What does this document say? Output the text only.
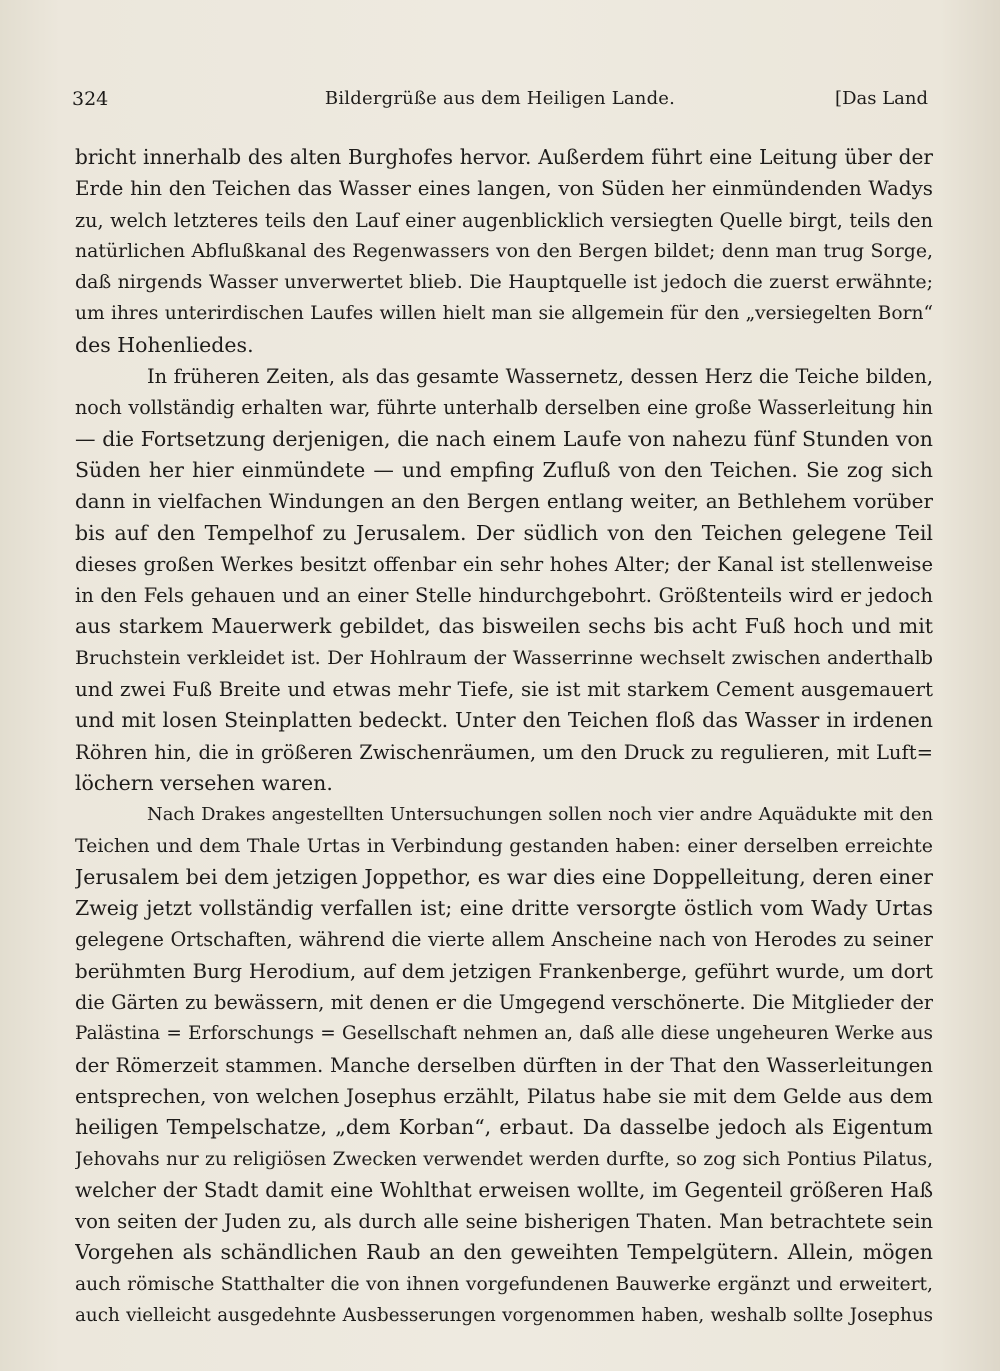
324	Bildergrüße aus dem Heiligen Lande.	[Das Land
bricht innerhalb des alten Burghofes hervor. Außerdem führt eine Leitung über der
Erde hin den Teichen das Wasser eines langen, von Süden her einmündenden Wadys
zu, welch letzteres teils den Lauf einer augenblicklich versiegten Quelle birgt, teils den
natürlichen Abflußkanal des Regenwassers von den Bergen bildet; denn man trug Sorge,
daß nirgends Wasser unverwertet blieb. Die Hauptquelle ist jedoch die zuerst erwähnte;
um ihres unterirdischen Laufes willen hielt man sie allgemein für den „versiegelten Born“
des Hohenliedes.
In früheren Zeiten, als das gesamte Wassernetz, dessen Herz die Teiche bilden,
noch vollständig erhalten war, führte unterhalb derselben eine große Wasserleitung hin
— die Fortsetzung derjenigen, die nach einem Laufe von nahezu fünf Stunden von
Süden her hier einmündete — und empfing Zufluß von den Teichen. Sie zog sich
dann in vielfachen Windungen an den Bergen entlang weiter, an Bethlehem vorüber
bis auf den Tempelhof zu Jerusalem. Der südlich von den Teichen gelegene Teil
dieses großen Werkes besitzt offenbar ein sehr hohes Alter; der Kanal ist stellenweise
in den Fels gehauen und an einer Stelle hindurchgebohrt. Größtenteils wird er jedoch
aus starkem Mauerwerk gebildet, das bisweilen sechs bis acht Fuß hoch und mit
Bruchstein verkleidet ist. Der Hohlraum der Wasserrinne wechselt zwischen anderthalb
und zwei Fuß Breite und etwas mehr Tiefe, sie ist mit starkem Cement ausgemauert
und mit losen Steinplatten bedeckt. Unter den Teichen floß das Wasser in irdenen
Röhren hin, die in größeren Zwischenräumen, um den Druck zu regulieren, mit Luft=
löchern versehen waren.
Nach Drakes angestellten Untersuchungen sollen noch vier andre Aquädukte mit den
Teichen und dem Thale Urtas in Verbindung gestanden haben: einer derselben erreichte
Jerusalem bei dem jetzigen Joppethor, es war dies eine Doppelleitung, deren einer
Zweig jetzt vollständig verfallen ist; eine dritte versorgte östlich vom Wady Urtas
gelegene Ortschaften, während die vierte allem Anscheine nach von Herodes zu seiner
berühmten Burg Herodium, auf dem jetzigen Frankenberge, geführt wurde, um dort
die Gärten zu bewässern, mit denen er die Umgegend verschönerte. Die Mitglieder der
Palästina = Erforschungs = Gesellschaft nehmen an, daß alle diese ungeheuren Werke aus
der Römerzeit stammen. Manche derselben dürften in der That den Wasserleitungen
entsprechen, von welchen Josephus erzählt, Pilatus habe sie mit dem Gelde aus dem
heiligen Tempelschatze, „dem Korban“, erbaut. Da dasselbe jedoch als Eigentum
Jehovahs nur zu religiösen Zwecken verwendet werden durfte, so zog sich Pontius Pilatus,
welcher der Stadt damit eine Wohlthat erweisen wollte, im Gegenteil größeren Haß
von seiten der Juden zu, als durch alle seine bisherigen Thaten. Man betrachtete sein
Vorgehen als schändlichen Raub an den geweihten Tempelgütern. Allein, mögen
auch römische Statthalter die von ihnen vorgefundenen Bauwerke ergänzt und erweitert,
auch vielleicht ausgedehnte Ausbesserungen vorgenommen haben, weshalb sollte Josephus
